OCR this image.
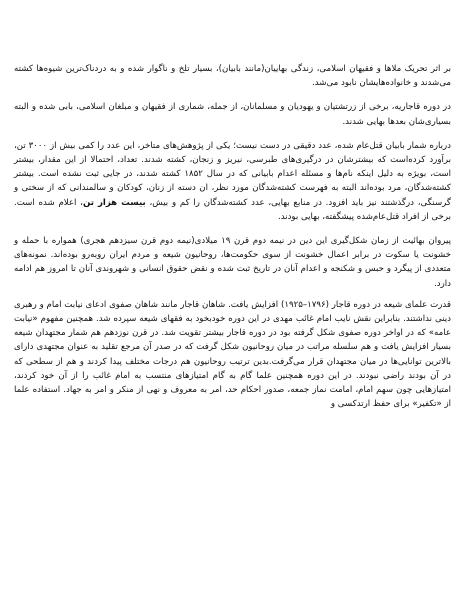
بر اثر تحریک ملاها و فقیهان اسلامی، زندگی بهاییان(مانند بابیان)، بسیار تلخ و ناگوار شده و به دردناک‌ترین شیوه‌ها کشته می‌شدند و خانواده‌هایشان نابود می‌شد.

در دوره قاجاریه، برخی از زرتشتیان و یهودیان و مسلمانان، از جمله، شماری از فقیهان و مبلغان اسلامی، بابی شده و البته بسیاری‌شان بعدها بهایی شدند.

درباره شمار بابیان قتل‌عام شده، عدد دقیقی در دست نیست؛ یکی از پژوهش‌های متاخر، این عدد را کمی بیش از ۳۰۰۰ تن، برآورد کرده‌است که بیشترشان در درگیری‌های طبرسی، نیریز و زنجان، کشته شدند. تعداد، احتمالا از این مقدار، بیشتر است، بویژه به دلیل اینکه نام‌ها و مسئله اعدام بابیانی که در سال ۱۸۵۲ کشته شدند، در جایی ثبت نشده است. بیشتر کشته‌شدگان، مرد بوده‌اند البته به فهرست کشته‌شدگان مورد نظر، ان دسته از زنان، کودکان و سالمندانی که از سختی و گرسنگی، درگذشتند نیز باید افزود. در منابع بهایی، عدد کشته‌شدگان را کم و بیش، بیست هزار تن، اعلام شده است. برخی از افراد قتل‌عام‌شده پیشگفته، بهایی بودند.

پیروان بهائیت از زمان شکل‌گیری این دین در نیمه دوم قرن ۱۹ میلادی(نیمه دوم قرن سیزدهم هجری) همواره با حمله و خشونت یا سکوت در برابر اعمال خشونت از سوی حکومت‌ها، روحانیون شیعه و مردم ایران روبه‌رو بوده‌اند. نمونه‌های متعددی از پیگرد و حبس و شکنجه و اعدام آنان در تاریخ ثبت شده و نقض حقوق انسانی و شهروندی آنان تا امروز هم ادامه دارد.

قدرت علمای شیعه در دوره قاجار (۱۷۹۶–۱۹۲۵) افزایش یافت. شاهان قاجار مانند شاهان صفوی ادعای نیابت امام و رهبری دینی نداشتند. بنابراین نقش نایب امام غائب مهدی در این دوره خودبخود به فقهای شیعه سپرده شد. همچنین مفهوم «نیابت عامه» که در اواخر دوره صفوی شکل گرفته بود در دوره قاجار بیشتر تقویت شد. در قرن نوزدهم هم شمار مجتهدان شیعه بسیار افزایش یافت و هم سلسله مراتب در میان روحانیون شکل گرفت که در صدر آن مرجع تقلید به عنوان مجتهدی دارای بالاترین توانایی‌ها در میان مجتهدان قرار می‌گرفت.بدین ترتیب روحانیون هم درجات مختلف پیدا کردند و هم از سطحی که در آن بودند راضی نبودند. در این دوره همچنین علما گام به گام امتیازهای منتسب به امام غائب را از آن خود کردند، امتیازهایی چون سهم امام، امامت نماز جمعه، صدور احکام حد، امر به معروف و نهی از منکر و امر به جهاد. استفاده علما از «تکفیر» برای حفظ ارتدکسی و
